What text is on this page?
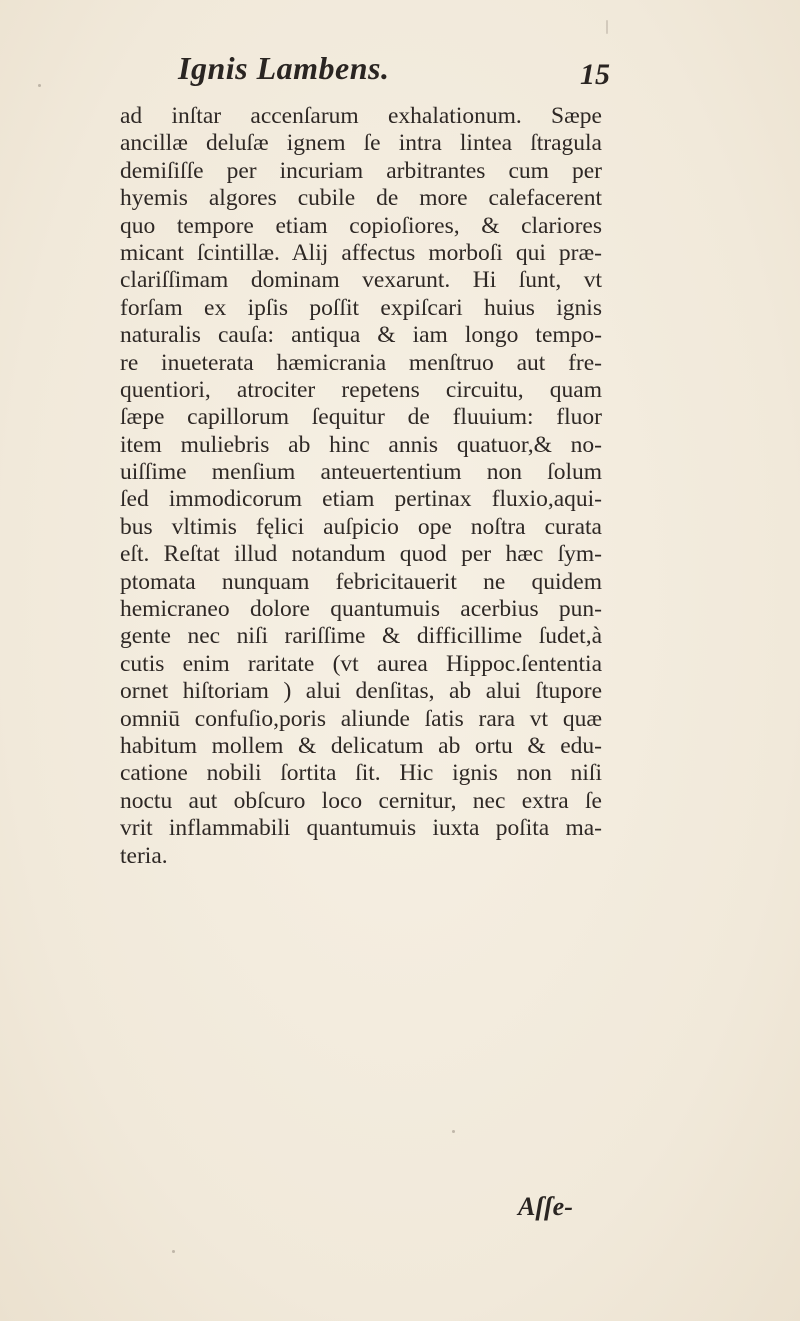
Ignis Lambens.	15
ad inſtar accenſarum exhalationum. Sæpe
ancillæ deluſæ ignem ſe intra lintea ſtragula
demiſiſſe per incuriam arbitrantes cum per
hyemis algores cubile de more calefacerent
quo tempore etiam copioſiores, & clariores
micant ſcintillæ. Alij affectus morboſi qui præ-
clariſſimam dominam vexarunt. Hi ſunt, vt
forſam ex ipſis poſſit expiſcari huius ignis
naturalis cauſa: antiqua & iam longo tempo-
re inueterata hæmicrania menſtruo aut fre-
quentiori, atrociter repetens circuitu, quam
ſæpe capillorum ſequitur de fluuium: fluor
item muliebris ab hinc annis quatuor,& no-
uiſſime menſium anteuertentium non ſolum
ſed immodicorum etiam pertinax fluxio,aqui-
bus vltimis fęlici auſpicio ope noſtra curata
eſt. Reſtat illud notandum quod per hæc ſym-
ptomata nunquam febricitauerit ne quidem
hemicraneo dolore quantumuis acerbius pun-
gente nec niſi rariſſime & difficillime ſudet,à
cutis enim raritate (vt aurea Hippoc.ſententia
ornet hiſtoriam ) alui denſitas, ab alui ſtupore
omniū confuſio,poris aliunde ſatis rara vt quæ
habitum mollem & delicatum ab ortu & edu-
catione nobili ſortita ſit. Hic ignis non niſi
noctu aut obſcuro loco cernitur, nec extra ſe
vrit inflammabili quantumuis iuxta poſita ma-
teria.
Aſſe-
